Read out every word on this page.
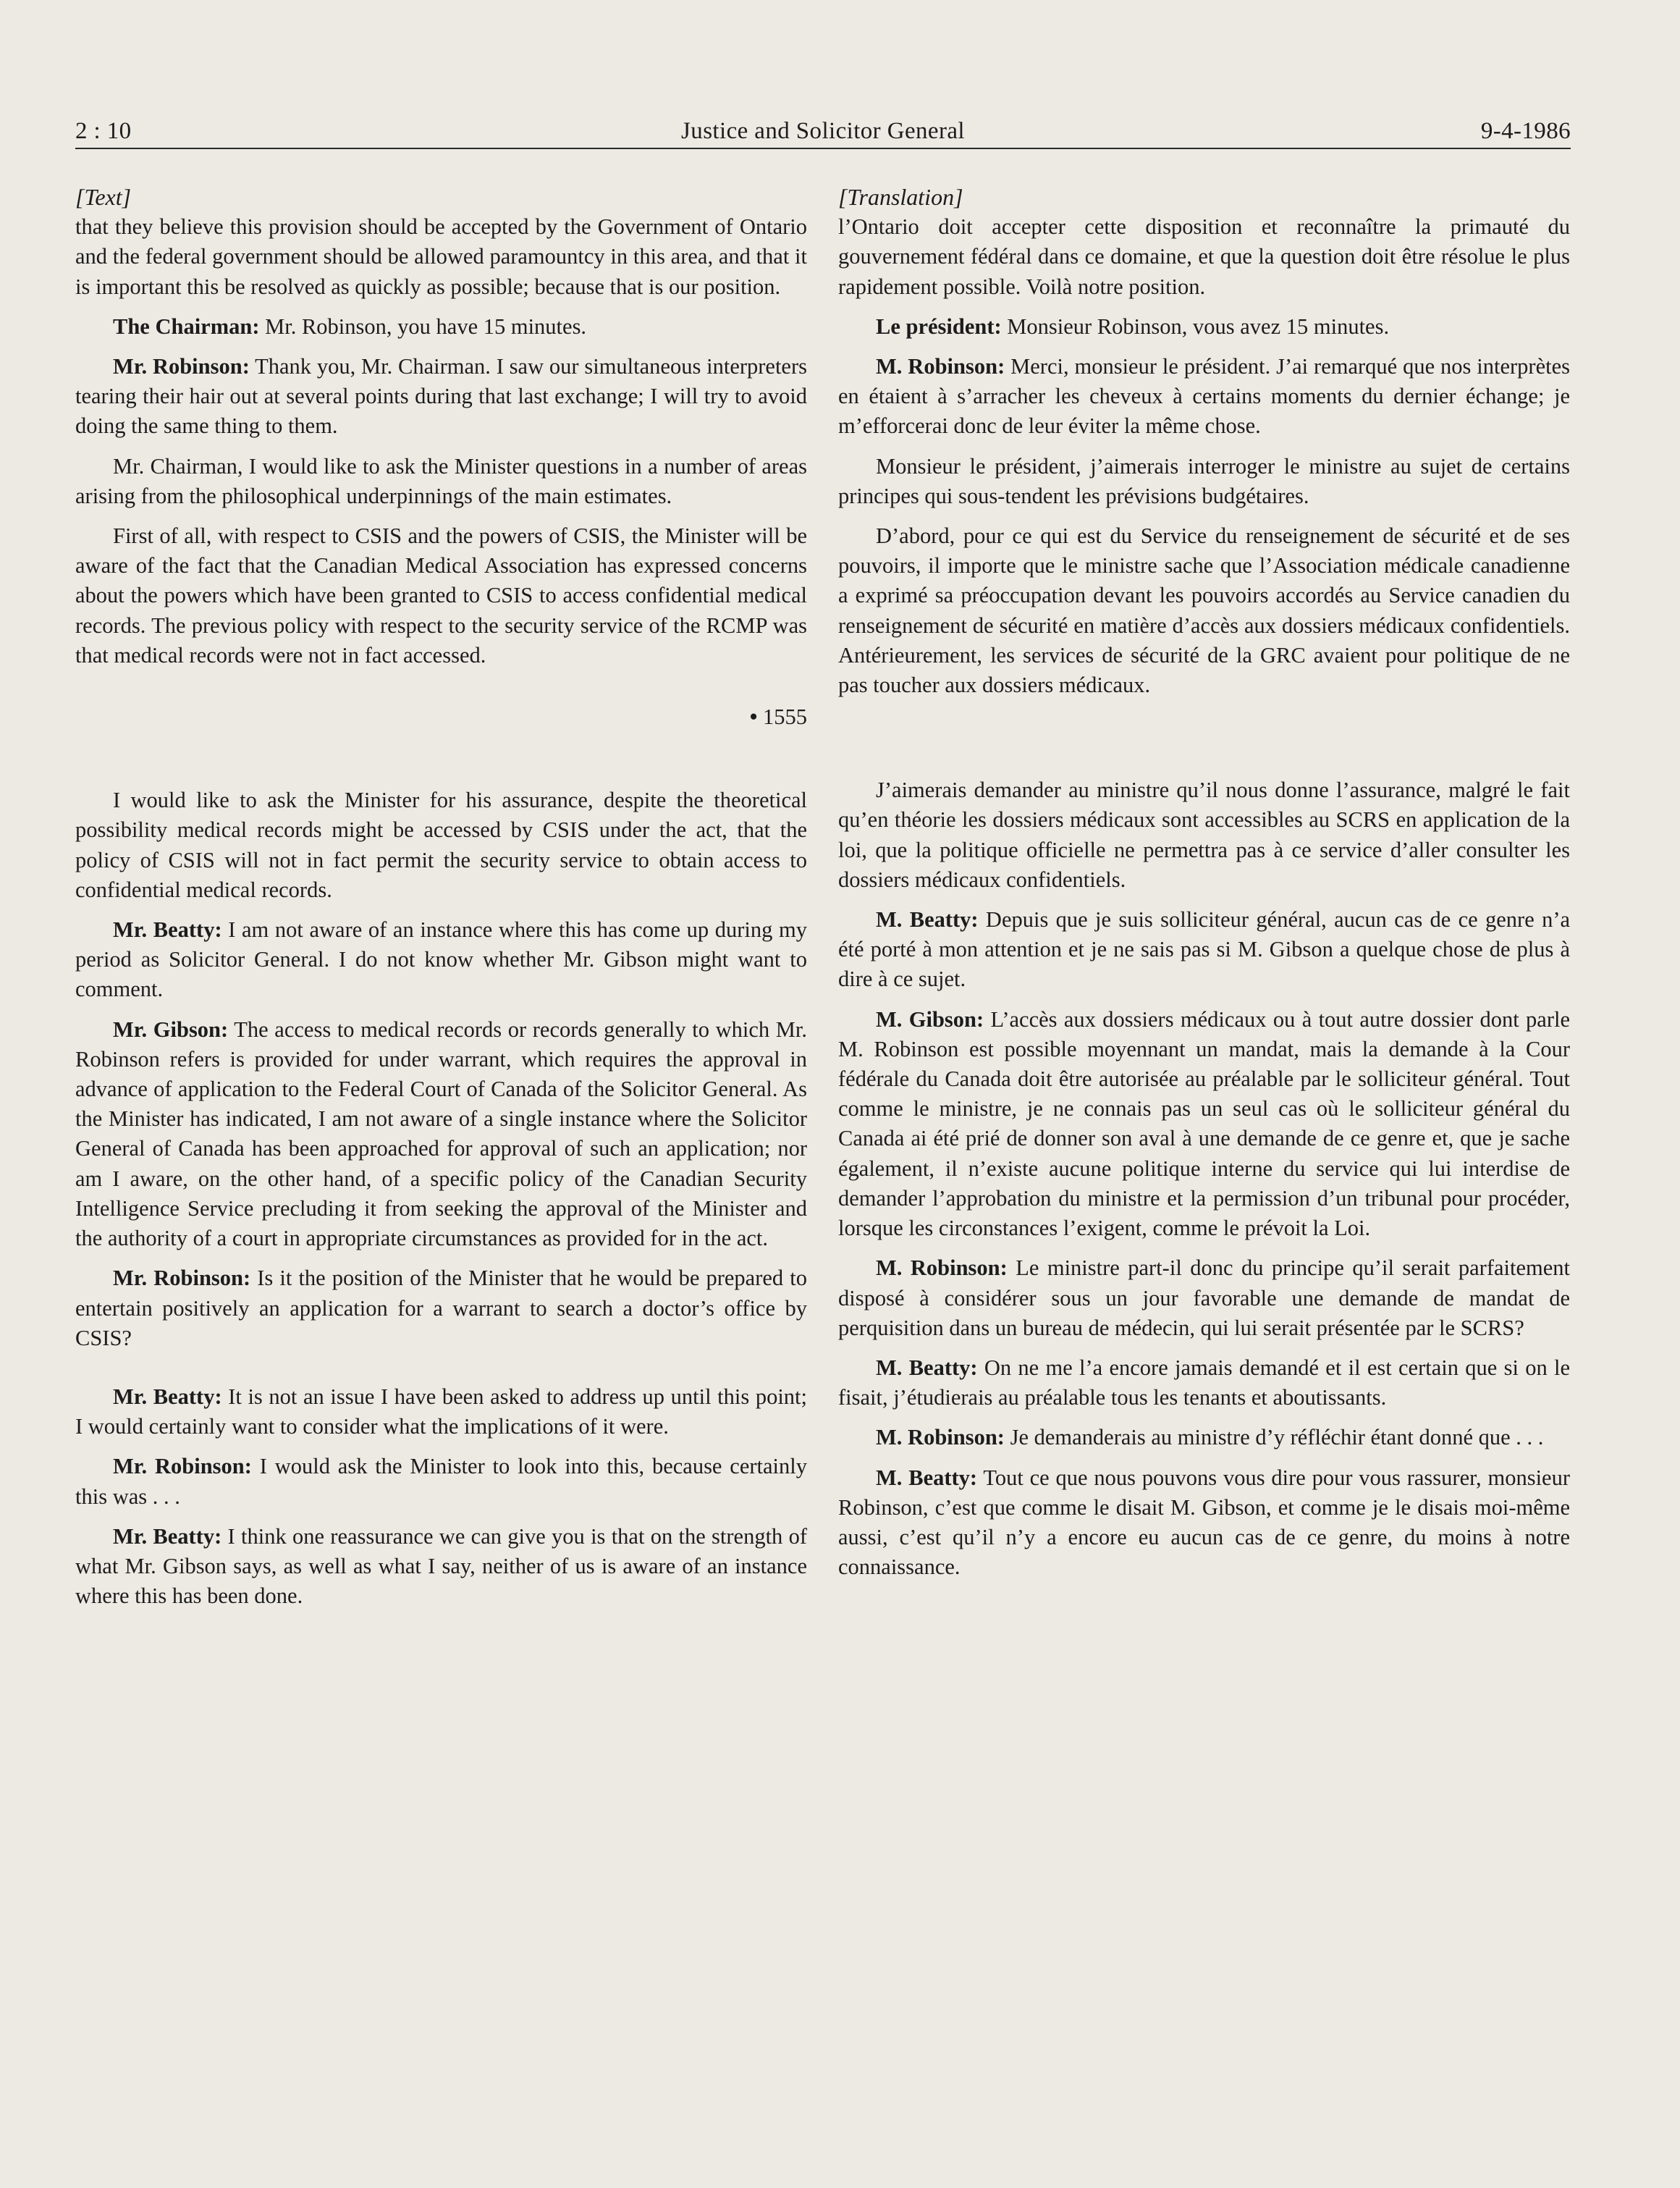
2 : 10	Justice and Solicitor General	9-4-1986

[Text]

that they believe this provision should be accepted by the Government of Ontario and the federal government should be allowed paramountcy in this area, and that it is important this be resolved as quickly as possible; because that is our position.

The Chairman: Mr. Robinson, you have 15 minutes.

Mr. Robinson: Thank you, Mr. Chairman. I saw our simultaneous interpreters tearing their hair out at several points during that last exchange; I will try to avoid doing the same thing to them.

Mr. Chairman, I would like to ask the Minister questions in a number of areas arising from the philosophical underpinnings of the main estimates.

First of all, with respect to CSIS and the powers of CSIS, the Minister will be aware of the fact that the Canadian Medical Association has expressed concerns about the powers which have been granted to CSIS to access confidential medical records. The previous policy with respect to the security service of the RCMP was that medical records were not in fact accessed.

• 1555

I would like to ask the Minister for his assurance, despite the theoretical possibility medical records might be accessed by CSIS under the act, that the policy of CSIS will not in fact permit the security service to obtain access to confidential medical records.

Mr. Beatty: I am not aware of an instance where this has come up during my period as Solicitor General. I do not know whether Mr. Gibson might want to comment.

Mr. Gibson: The access to medical records or records generally to which Mr. Robinson refers is provided for under warrant, which requires the approval in advance of application to the Federal Court of Canada of the Solicitor General. As the Minister has indicated, I am not aware of a single instance where the Solicitor General of Canada has been approached for approval of such an application; nor am I aware, on the other hand, of a specific policy of the Canadian Security Intelligence Service precluding it from seeking the approval of the Minister and the authority of a court in appropriate circumstances as provided for in the act.

Mr. Robinson: Is it the position of the Minister that he would be prepared to entertain positively an application for a warrant to search a doctor’s office by CSIS?

Mr. Beatty: It is not an issue I have been asked to address up until this point; I would certainly want to consider what the implications of it were.

Mr. Robinson: I would ask the Minister to look into this, because certainly this was . . .

Mr. Beatty: I think one reassurance we can give you is that on the strength of what Mr. Gibson says, as well as what I say, neither of us is aware of an instance where this has been done.

[Translation]

l’Ontario doit accepter cette disposition et reconnaître la primauté du gouvernement fédéral dans ce domaine, et que la question doit être résolue le plus rapidement possible. Voilà notre position.

Le président: Monsieur Robinson, vous avez 15 minutes.

M. Robinson: Merci, monsieur le président. J’ai remarqué que nos interprètes en étaient à s’arracher les cheveux à certains moments du dernier échange; je m’efforcerai donc de leur éviter la même chose.

Monsieur le président, j’aimerais interroger le ministre au sujet de certains principes qui sous-tendent les prévisions budgétaires.

D’abord, pour ce qui est du Service du renseignement de sécurité et de ses pouvoirs, il importe que le ministre sache que l’Association médicale canadienne a exprimé sa préoccupation devant les pouvoirs accordés au Service canadien du renseignement de sécurité en matière d’accès aux dossiers médicaux confidentiels. Antérieurement, les services de sécurité de la GRC avaient pour politique de ne pas toucher aux dossiers médicaux.

J’aimerais demander au ministre qu’il nous donne l’assurance, malgré le fait qu’en théorie les dossiers médicaux sont accessibles au SCRS en application de la loi, que la politique officielle ne permettra pas à ce service d’aller consulter les dossiers médicaux confidentiels.

M. Beatty: Depuis que je suis solliciteur général, aucun cas de ce genre n’a été porté à mon attention et je ne sais pas si M. Gibson a quelque chose de plus à dire à ce sujet.

M. Gibson: L’accès aux dossiers médicaux ou à tout autre dossier dont parle M. Robinson est possible moyennant un mandat, mais la demande à la Cour fédérale du Canada doit être autorisée au préalable par le solliciteur général. Tout comme le ministre, je ne connais pas un seul cas où le solliciteur général du Canada ai été prié de donner son aval à une demande de ce genre et, que je sache également, il n’existe aucune politique interne du service qui lui interdise de demander l’approbation du ministre et la permission d’un tribunal pour procéder, lorsque les circonstances l’exigent, comme le prévoit la Loi.

M. Robinson: Le ministre part-il donc du principe qu’il serait parfaitement disposé à considérer sous un jour favorable une demande de mandat de perquisition dans un bureau de médecin, qui lui serait présentée par le SCRS?

M. Beatty: On ne me l’a encore jamais demandé et il est certain que si on le fisait, j’étudierais au préalable tous les tenants et aboutissants.

M. Robinson: Je demanderais au ministre d’y réfléchir étant donné que . . .

M. Beatty: Tout ce que nous pouvons vous dire pour vous rassurer, monsieur Robinson, c’est que comme le disait M. Gibson, et comme je le disais moi-même aussi, c’est qu’il n’y a encore eu aucun cas de ce genre, du moins à notre connaissance.
